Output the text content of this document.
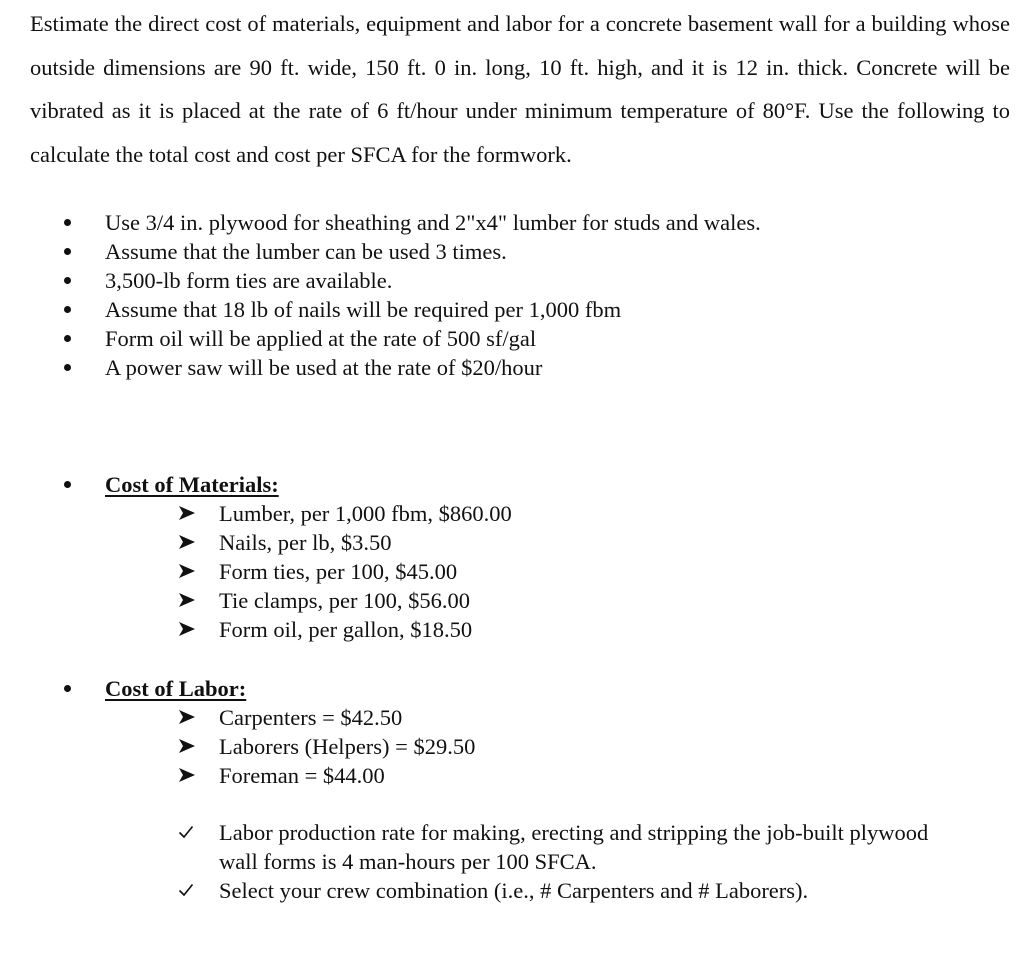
Estimate the direct cost of materials, equipment and labor for a concrete basement wall for a building whose outside dimensions are 90 ft. wide, 150 ft. 0 in. long, 10 ft. high, and it is 12 in. thick. Concrete will be vibrated as it is placed at the rate of 6 ft/hour under minimum temperature of 80°F. Use the following to calculate the total cost and cost per SFCA for the formwork.

Use 3/4 in. plywood for sheathing and 2"x4" lumber for studs and wales.
Assume that the lumber can be used 3 times.
3,500-lb form ties are available.
Assume that 18 lb of nails will be required per 1,000 fbm
Form oil will be applied at the rate of 500 sf/gal
A power saw will be used at the rate of $20/hour
Cost of Materials:
Lumber, per 1,000 fbm, $860.00
Nails, per lb, $3.50
Form ties, per 100, $45.00
Tie clamps, per 100, $56.00
Form oil, per gallon, $18.50
Cost of Labor:
Carpenters = $42.50
Laborers (Helpers) = $29.50
Foreman = $44.00
Labor production rate for making, erecting and stripping the job-built plywood wall forms is 4 man-hours per 100 SFCA.
Select your crew combination (i.e., # Carpenters and # Laborers).
